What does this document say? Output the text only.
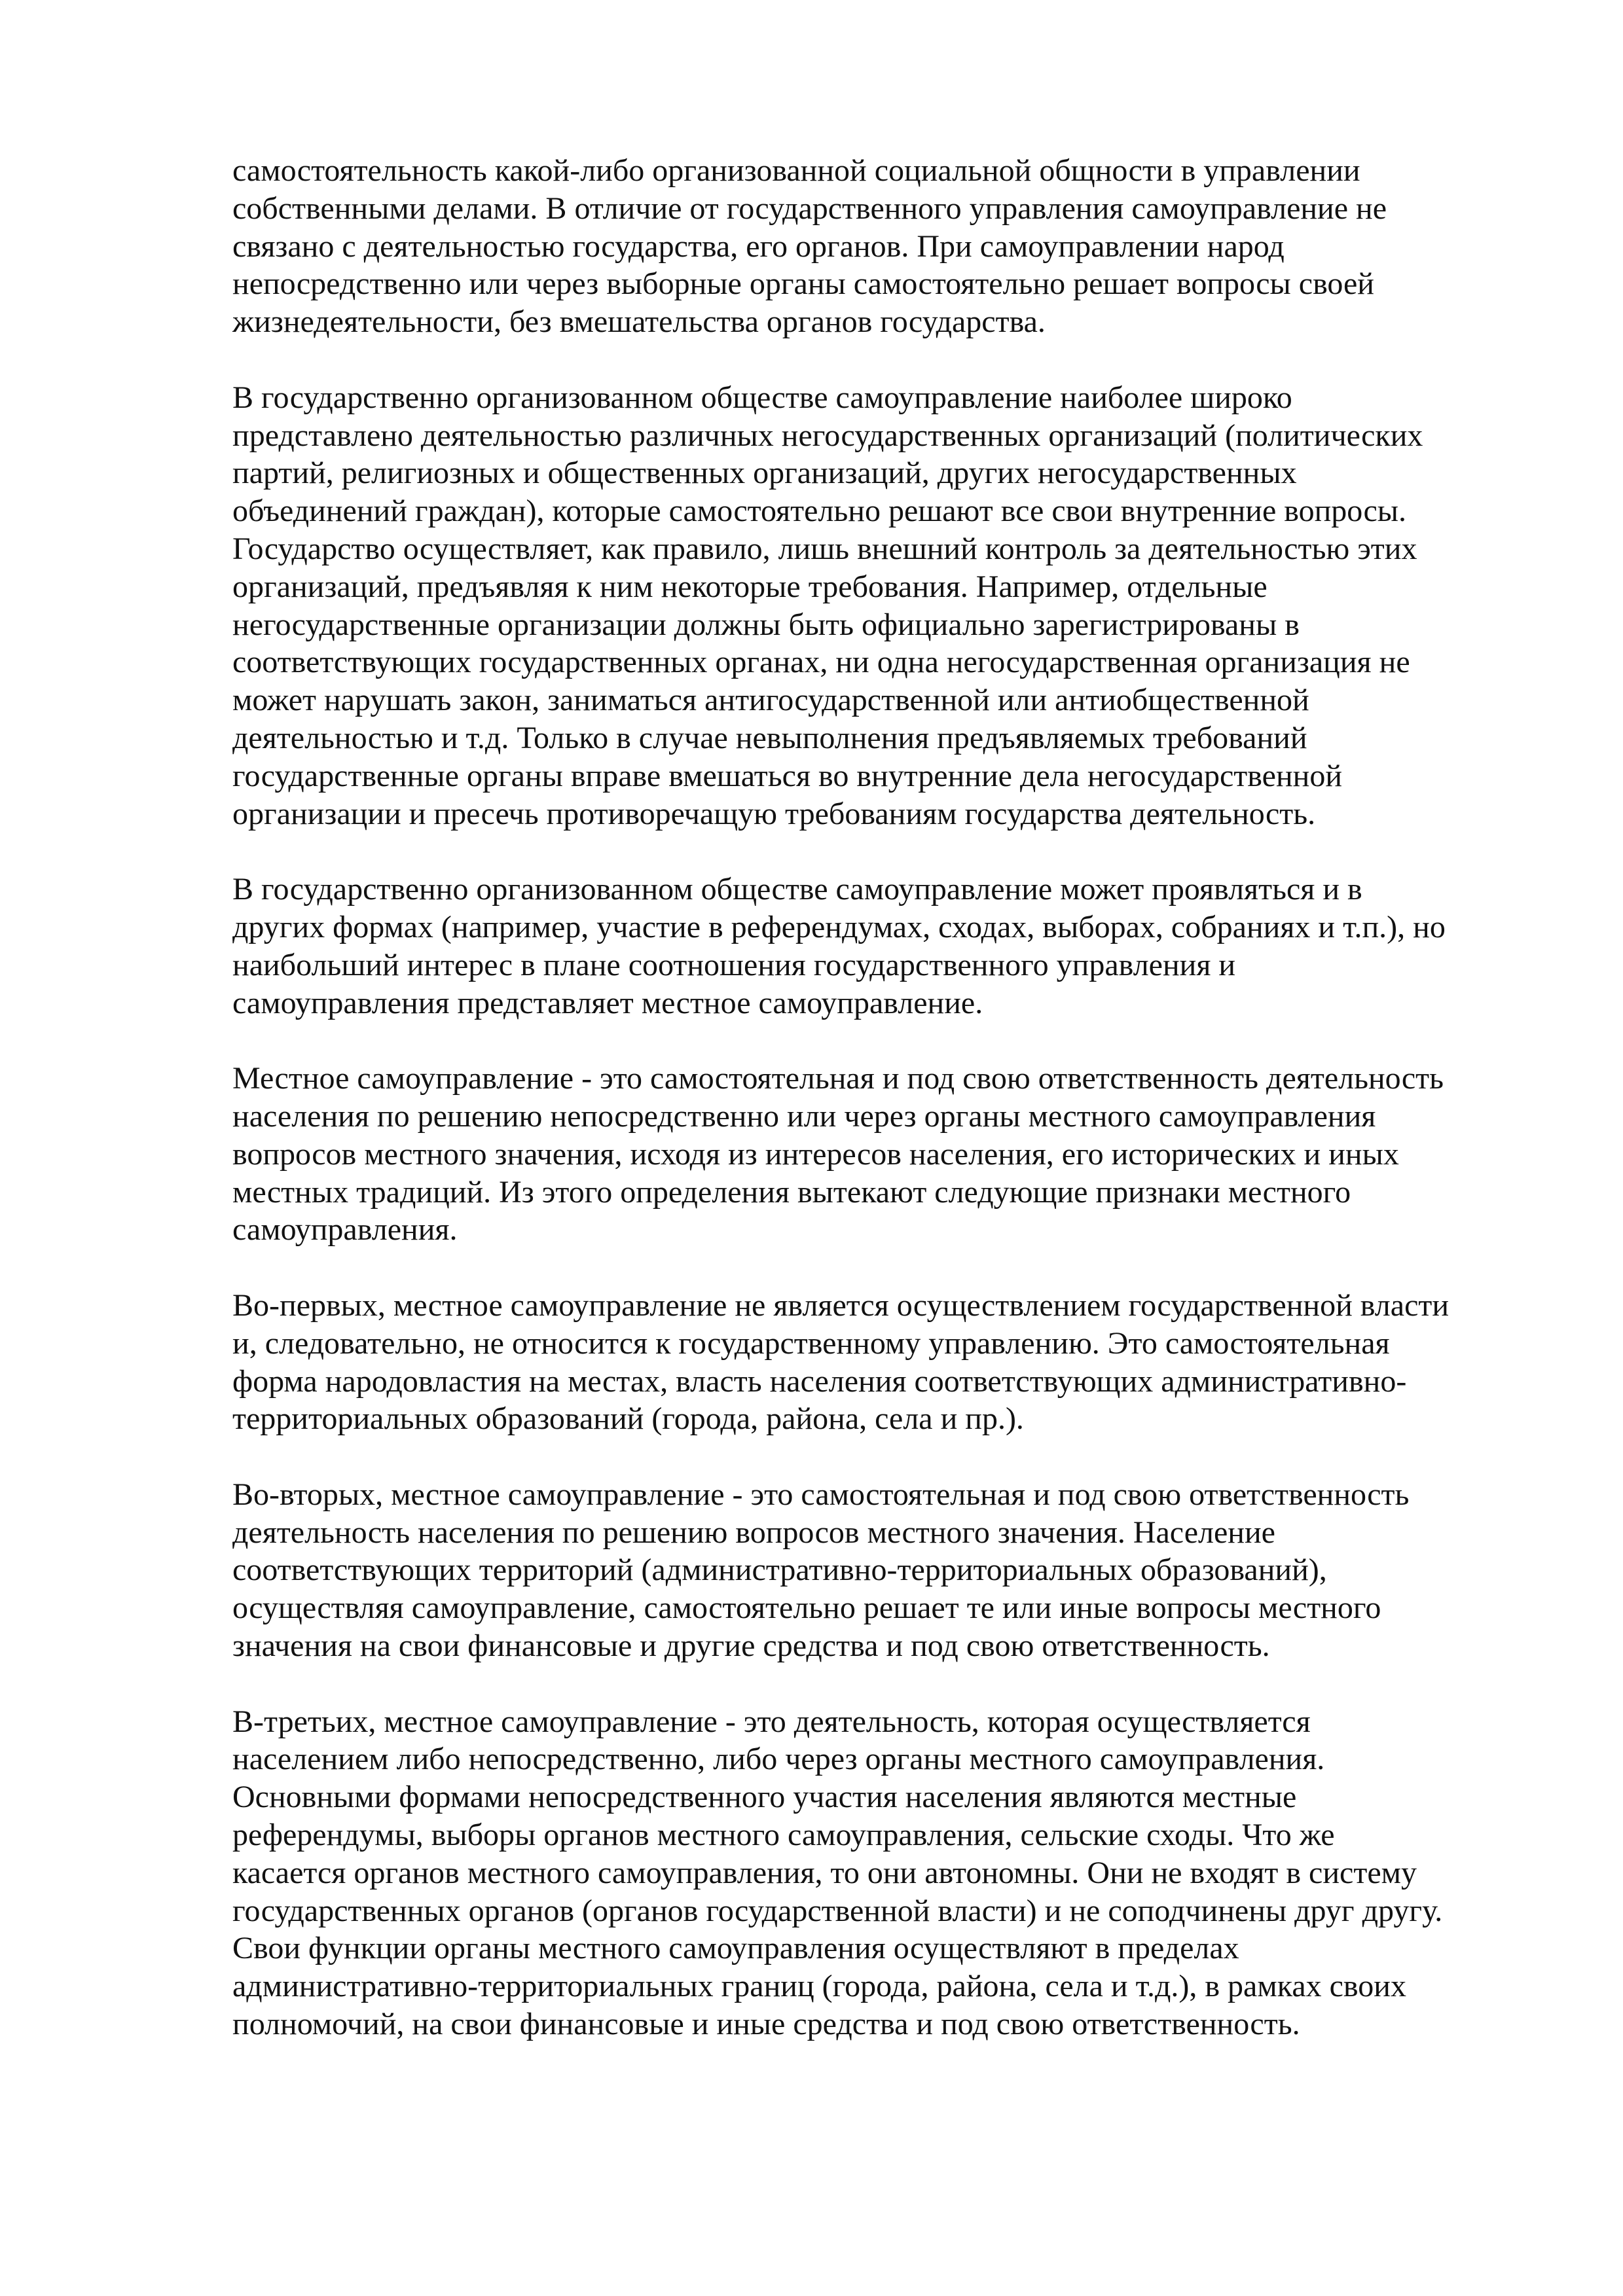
самостоятельность какой-либо организованной социальной общности в управлении
собственными делами. В отличие от государственного управления самоуправление не
связано с деятельностью государства, его органов. При самоуправлении народ
непосредственно или через выборные органы самостоятельно решает вопросы своей
жизнедеятельности, без вмешательства органов государства.
В государственно организованном обществе самоуправление наиболее широко
представлено деятельностью различных негосударственных организаций (политических
партий, религиозных и общественных организаций, других негосударственных
объединений граждан), которые самостоятельно решают все свои внутренние вопросы.
Государство осуществляет, как правило, лишь внешний контроль за деятельностью этих
организаций, предъявляя к ним некоторые требования. Например, отдельные
негосударственные организации должны быть официально зарегистрированы в
соответствующих государственных органах, ни одна негосударственная организация не
может нарушать закон, заниматься антигосударственной или антиобщественной
деятельностью и т.д. Только в случае невыполнения предъявляемых требований
государственные органы вправе вмешаться во внутренние дела негосударственной
организации и пресечь противоречащую требованиям государства деятельность.
В государственно организованном обществе самоуправление может проявляться и в
других формах (например, участие в референдумах, сходах, выборах, собраниях и т.п.), но
наибольший интерес в плане соотношения государственного управления и
самоуправления представляет местное самоуправление.
Местное самоуправление - это самостоятельная и под свою ответственность деятельность
населения по решению непосредственно или через органы местного самоуправления
вопросов местного значения, исходя из интересов населения, его исторических и иных
местных традиций. Из этого определения вытекают следующие признаки местного
самоуправления.
Во-первых, местное самоуправление не является осуществлением государственной власти
и, следовательно, не относится к государственному управлению. Это самостоятельная
форма народовластия на местах, власть населения соответствующих административно-
территориальных образований (города, района, села и пр.).
Во-вторых, местное самоуправление - это самостоятельная и под свою ответственность
деятельность населения по решению вопросов местного значения. Население
соответствующих территорий (административно-территориальных образований),
осуществляя самоуправление, самостоятельно решает те или иные вопросы местного
значения на свои финансовые и другие средства и под свою ответственность.
В-третьих, местное самоуправление - это деятельность, которая осуществляется
населением либо непосредственно, либо через органы местного самоуправления.
Основными формами непосредственного участия населения являются местные
референдумы, выборы органов местного самоуправления, сельские сходы. Что же
касается органов местного самоуправления, то они автономны. Они не входят в систему
государственных органов (органов государственной власти) и не соподчинены друг другу.
Свои функции органы местного самоуправления осуществляют в пределах
административно-территориальных границ (города, района, села и т.д.), в рамках своих
полномочий, на свои финансовые и иные средства и под свою ответственность.
